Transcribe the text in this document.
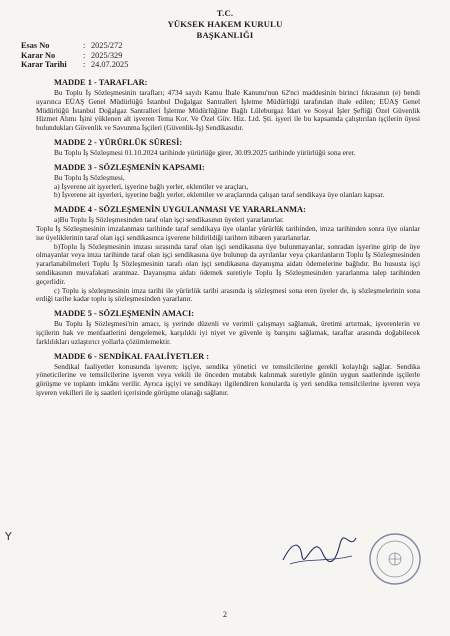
T.C.
YÜKSEK HAKEM KURULU
BAŞKANLIĞI
Esas No	: 2025/272
Karar No	: 2025/329
Karar Tarihi	: 24.07.2025
MADDE 1 - TARAFLAR:

Bu Toplu İş Sözleşmesinin tarafları; 4734 sayılı Kamu İhale Kanunu'nun 62'nci maddesinin birinci fıkrasının (e) bendi uyarınca EÜAŞ Genel Müdürlüğü İstanbul Doğalgaz Santralleri İşletme Müdürlüğü tarafından ihale edilen; EÜAŞ Genel Müdürlüğü İstanbul Doğalgaz Santralleri İşletme Müdürlüğüne Bağlı Lüleburgaz İdari ve Sosyal İşler Şefliği Özel Güvenlik Hizmet Alımı İşini yüklenen alt işveren Tema Kor. Ve Özel Güv. Hiz. Ltd. Şti. işyeri ile bu kapsamda çalıştırılan işçilerin üyesi bulundukları Güvenlik ve Savunma İşçileri (Güvenlik-İş) Sendikasıdır.

MADDE 2 - YÜRÜRLÜK SÜRESİ:

Bu Toplu İş Sözleşmesi 01.10.2024 tarihinde yürürlüğe girer, 30.09.2025 tarihinde yürürlüğü sona erer.

MADDE 3 - SÖZLEŞMENİN KAPSAMI:

Bu Toplu İş Sözleşmesi,

a) İşverene ait işyerleri, işyerine bağlı yerler, eklentiler ve araçları,

b) İşverene ait işyerleri, işyerine bağlı yerler, eklentiler ve araçlarında çalışan taraf sendikaya üye olanları kapsar.

MADDE 4 - SÖZLEŞMENİN UYGULANMASI VE YARARLANMA:

a)Bu Toplu İş Sözleşmesinden taraf olan işçi sendikasının üyeleri yararlanırlar.
Toplu İş Sözleşmesinin imzalanması tarihinde taraf sendikaya üye olanlar yürürlük tarihinden, imza tarihinden sonra üye olanlar ise üyeliklerinin taraf olan işçi sendikasınca işverene bildirildiği tarihten itibaren yararlanırlar.

b)Toplu İş Sözleşmesinin imzası sırasında taraf olan işçi sendikasına üye bulunmayanlar, sonradan işyerine girip de üye olmayanlar veya imza tarihinde taraf olan işçi sendikasına üye bulunup da ayrılanlar veya çıkarılanların Toplu İş Sözleşmesinden yararlanabilmeleri Toplu İş Sözleşmesinin tarafı olan işçi sendikasına dayanışma aidatı ödemelerine bağlıdır. Bu hususta işçi sendikasının muvafakati aranmaz. Dayanışma aidatı ödemek suretiyle Toplu İş Sözleşmesinden yararlanma talep tarihinden geçerlidir.

c) Toplu iş sözleşmesinin imza tarihi ile yürürlük tarihi arasında iş sözleşmesi sona eren üyeler de, iş sözleşmelerinin sona erdiği tarihe kadar toplu iş sözleşmesinden yararlanır.

MADDE 5 - SÖZLEŞMENİN AMACI:

Bu Toplu İş Sözleşmesi'nin amacı, iş yerinde düzenli ve verimli çalışmayı sağlamak, üretimi artırmak, işverenlerin ve işçilerin hak ve menfaatlerini dengelemek, karşılıklı iyi niyet ve güvenle iş barışını sağlamak, taraflar arasında doğabilecek farklılıkları uzlaştırıcı yollarla çözümlemektir.

MADDE 6 - SENDİKAL FAALİYETLER :

Sendikal faaliyetler konusunda işveren; işçiye, sendika yönetici ve temsilcilerine gerekli kolaylığı sağlar. Sendika yöneticilerine ve temsilcilerine işveren veya vekili ile önceden mutabık kalınmak suretiyle günün uygun saatlerinde işçilerle görüşme ve toplantı imkânı verilir. Ayrıca işçiyi ve sendikayı ilgilendiren konularda iş yeri sendika temsilcilerine işveren veya işveren vekilleri ile iş saatleri içerisinde görüşme olanağı sağlanır.

Y
2
